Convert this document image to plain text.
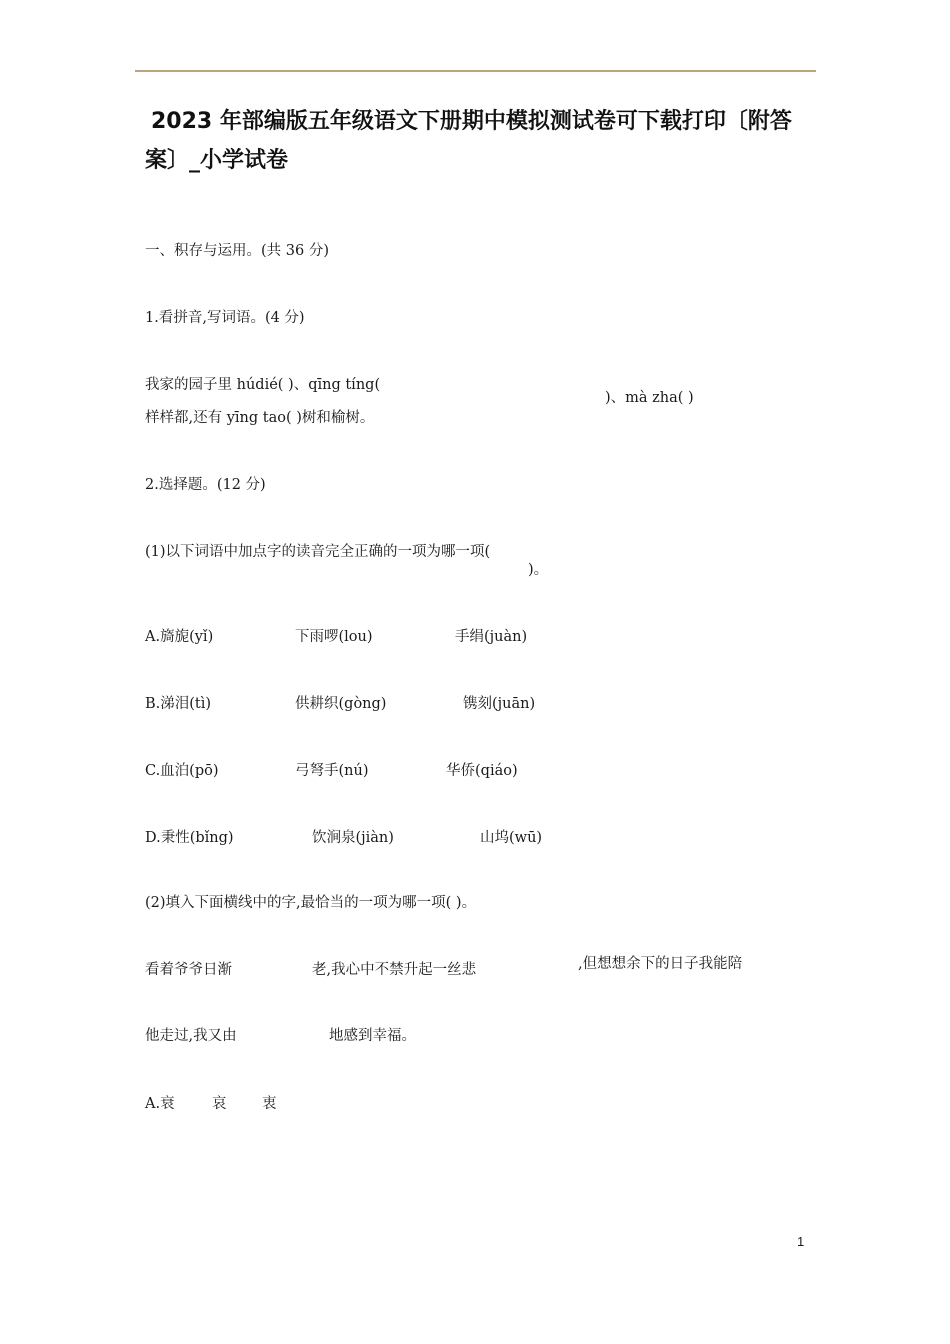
2023 年部编版五年级语文下册期中模拟测试卷可下载打印〔附答案〕_小学试卷
一、积存与运用。(共 36 分)
1.看拼音,写词语。(4 分)
我家的园子里 húdié( )、qīng tíng(
)、mà zha( )
样样都,还有 yīng tao( )树和榆树。
2.选择题。(12 分)
(1)以下词语中加点字的读音完全正确的一项为哪一项(
)。
A.旖旎(yǐ)	下雨啰(lou)	手绢(juàn)
B.涕泪(tì)	供耕织(gòng)	镌刻(juān)
C.血泊(pō)	弓弩手(nú)	华侨(qiáo)
D.秉性(bǐng)	饮涧泉(jiàn)	山坞(wū)
(2)填入下面横线中的字,最恰当的一项为哪一项( )。
看着爷爷日渐	老,我心中不禁升起一丝悲	,但想想余下的日子我能陪
他走过,我又由	地感到幸福。
A.衰	哀 衷
1
